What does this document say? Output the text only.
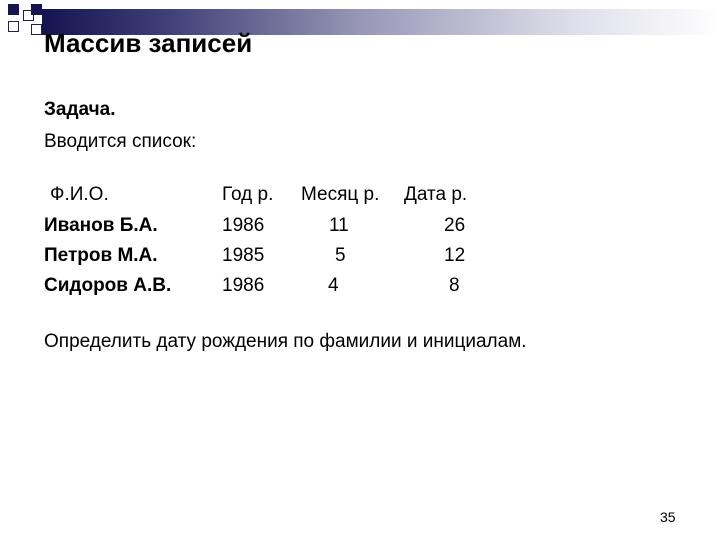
Массив записей
Задача.
Вводится список:
Ф.И.О.	Год р. Месяц р. Дата р.
Иванов Б.А.	1986	11	26
Петров М.А.	1985	5	12
Сидоров А.В.	1986	4	8
Определить дату рождения по фамилии и инициалам.
35
